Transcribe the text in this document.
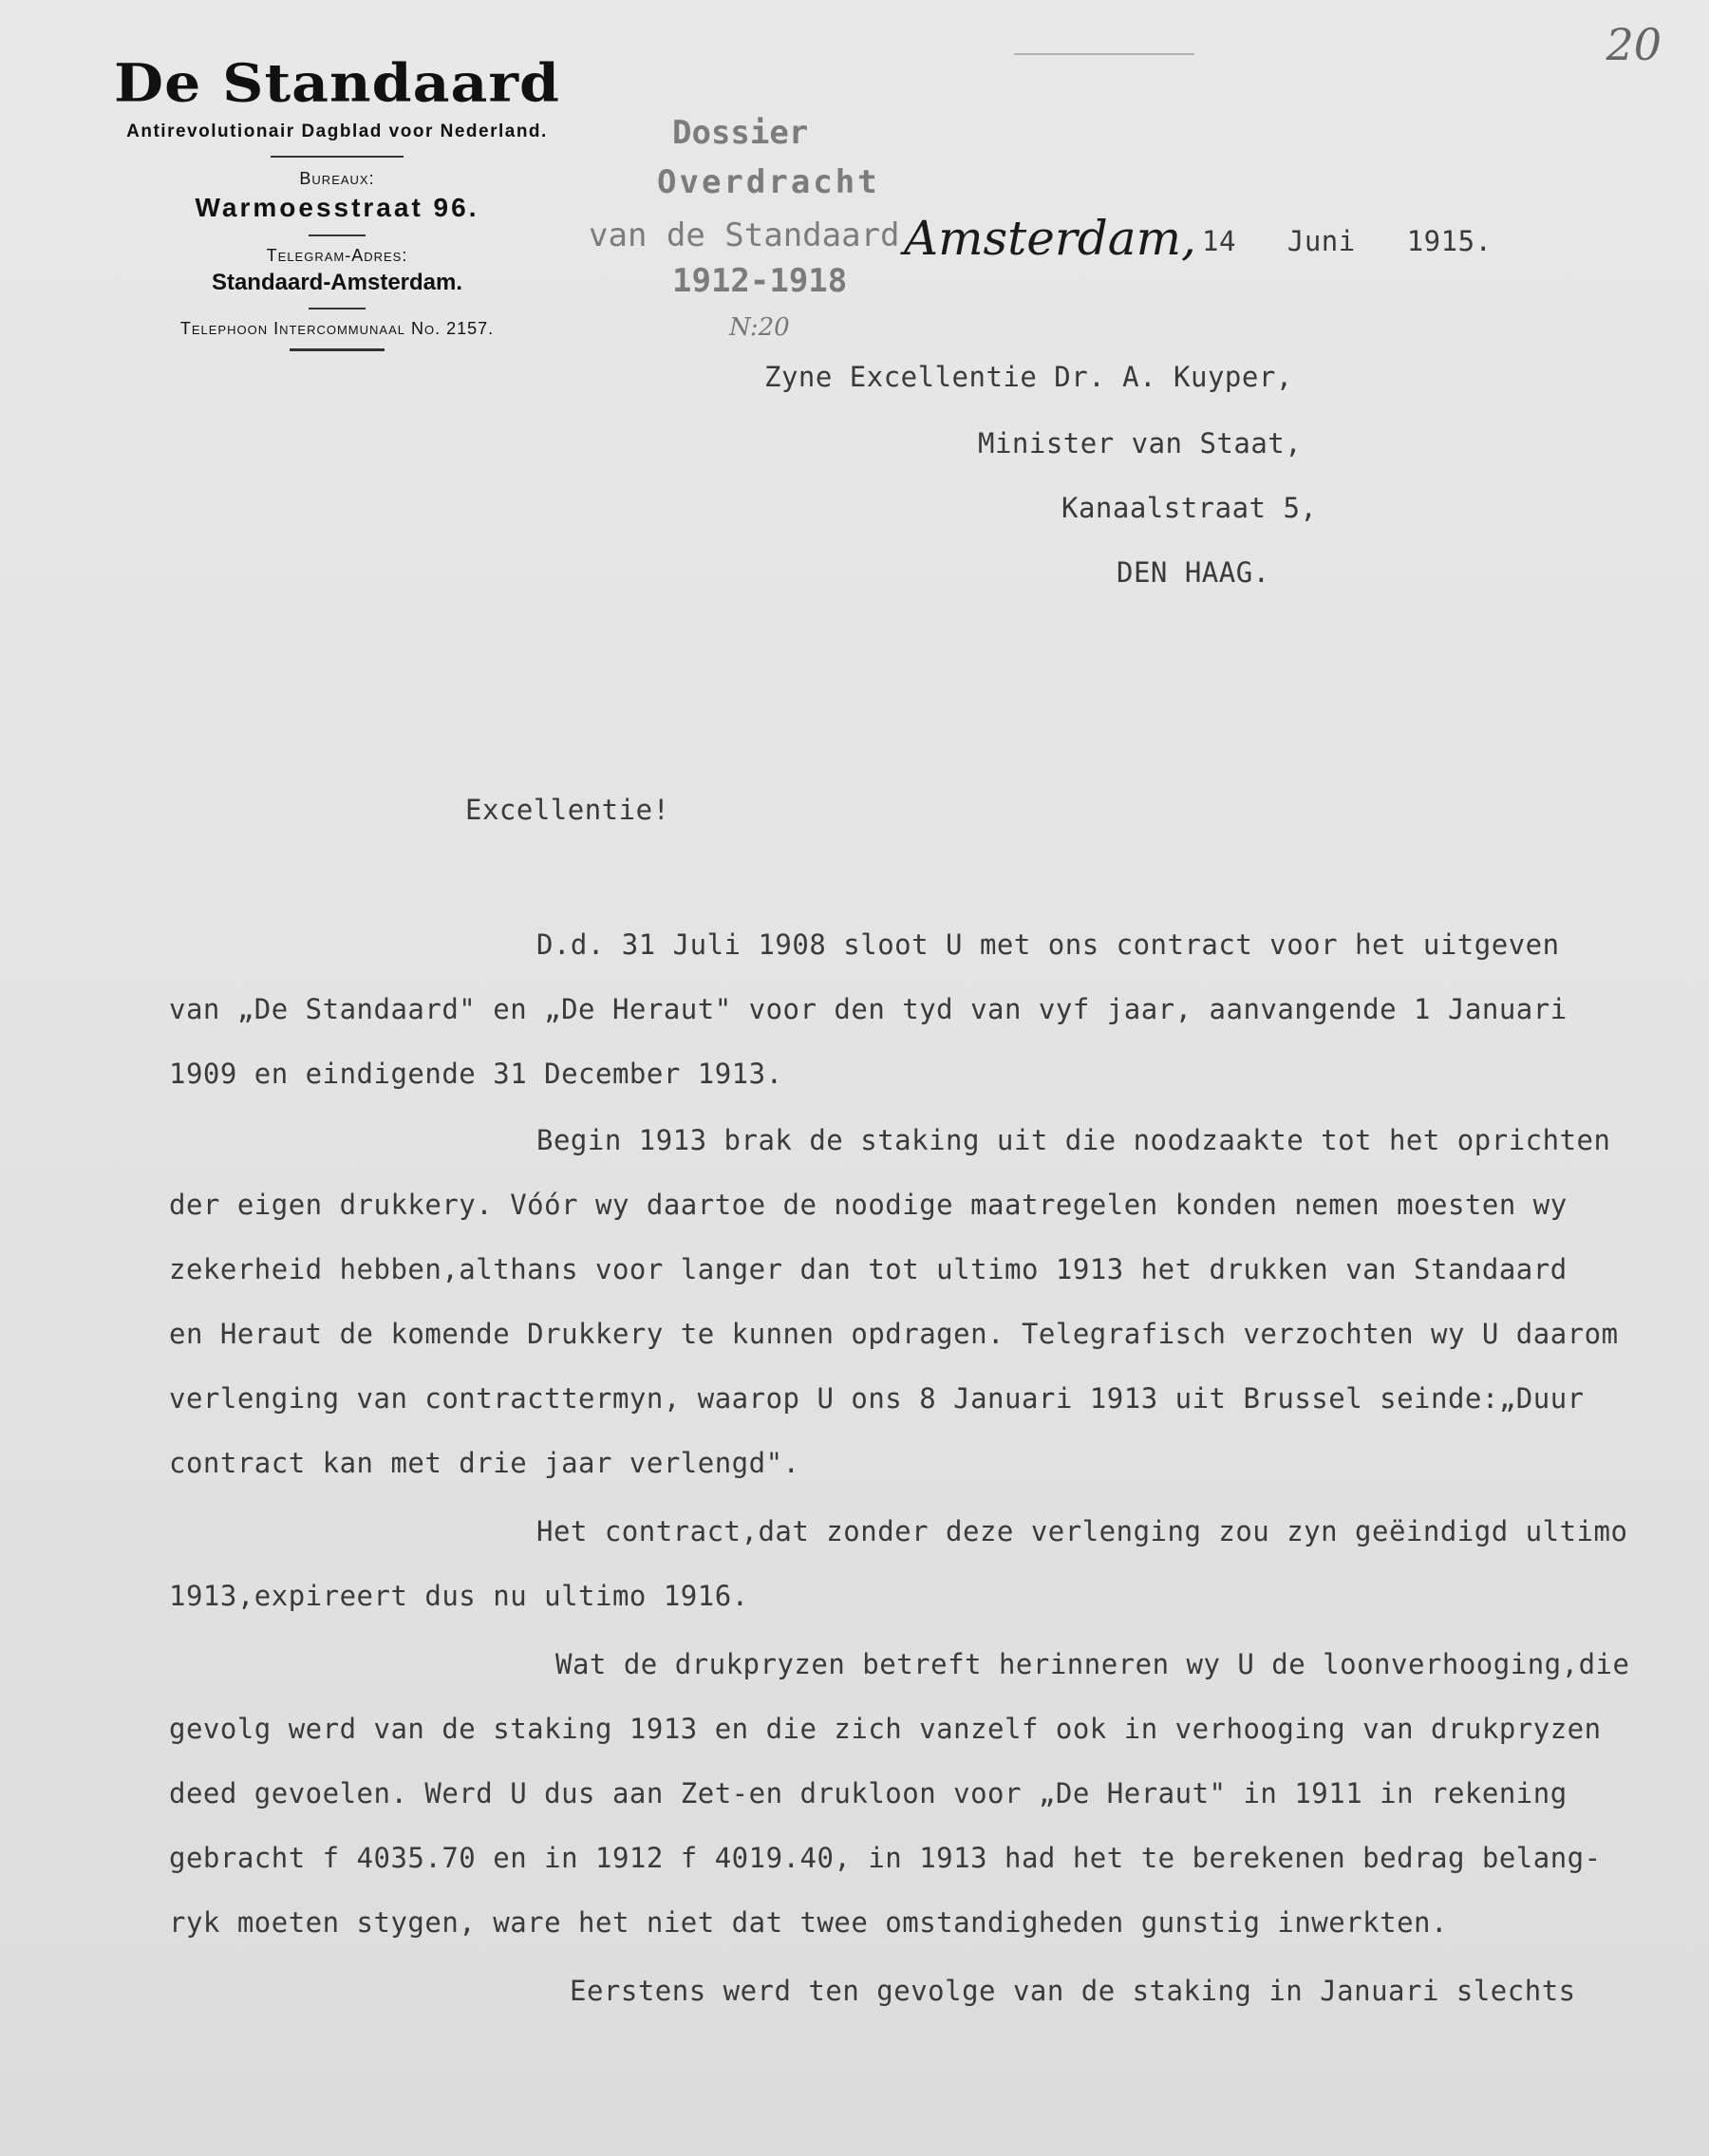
20
De Standaard
Antirevolutionair Dagblad voor Nederland.
Bureaux:
Warmoesstraat 96.
Telegram-Adres:
Standaard-Amsterdam.
Telephoon Intercommunaal No. 2157.
Dossier
Overdracht
van de Standaard
1912-1918
N:20
Amsterdam, 14 Juni 1915.
Zyne Excellentie Dr. A. Kuyper,
Minister van Staat,
Kanaalstraat 5,
DEN HAAG.
Excellentie!
D.d. 31 Juli 1908 sloot U met ons contract voor het uitgeven
van „De Standaard" en „De Heraut" voor den tyd van vyf jaar, aanvangende 1 Januari
1909 en eindigende 31 December 1913.
Begin 1913 brak de staking uit die noodzaakte tot het oprichten
der eigen drukkery. Vóór wy daartoe de noodige maatregelen konden nemen moesten wy
zekerheid hebben,althans voor langer dan tot ultimo 1913 het drukken van Standaard
en Heraut de komende Drukkery te kunnen opdragen. Telegrafisch verzochten wy U daarom
verlenging van contracttermyn, waarop U ons 8 Januari 1913 uit Brussel seinde:„Duur
contract kan met drie jaar verlengd".
Het contract,dat zonder deze verlenging zou zyn geëindigd ultimo
1913,expireert dus nu ultimo 1916.
Wat de drukpryzen betreft herinneren wy U de loonverhooging,die
gevolg werd van de staking 1913 en die zich vanzelf ook in verhooging van drukpryzen
deed gevoelen. Werd U dus aan Zet-en drukloon voor „De Heraut" in 1911 in rekening
gebracht f 4035.70 en in 1912 f 4019.40, in 1913 had het te berekenen bedrag belang-
ryk moeten stygen, ware het niet dat twee omstandigheden gunstig inwerkten.
Eerstens werd ten gevolge van de staking in Januari slechts
